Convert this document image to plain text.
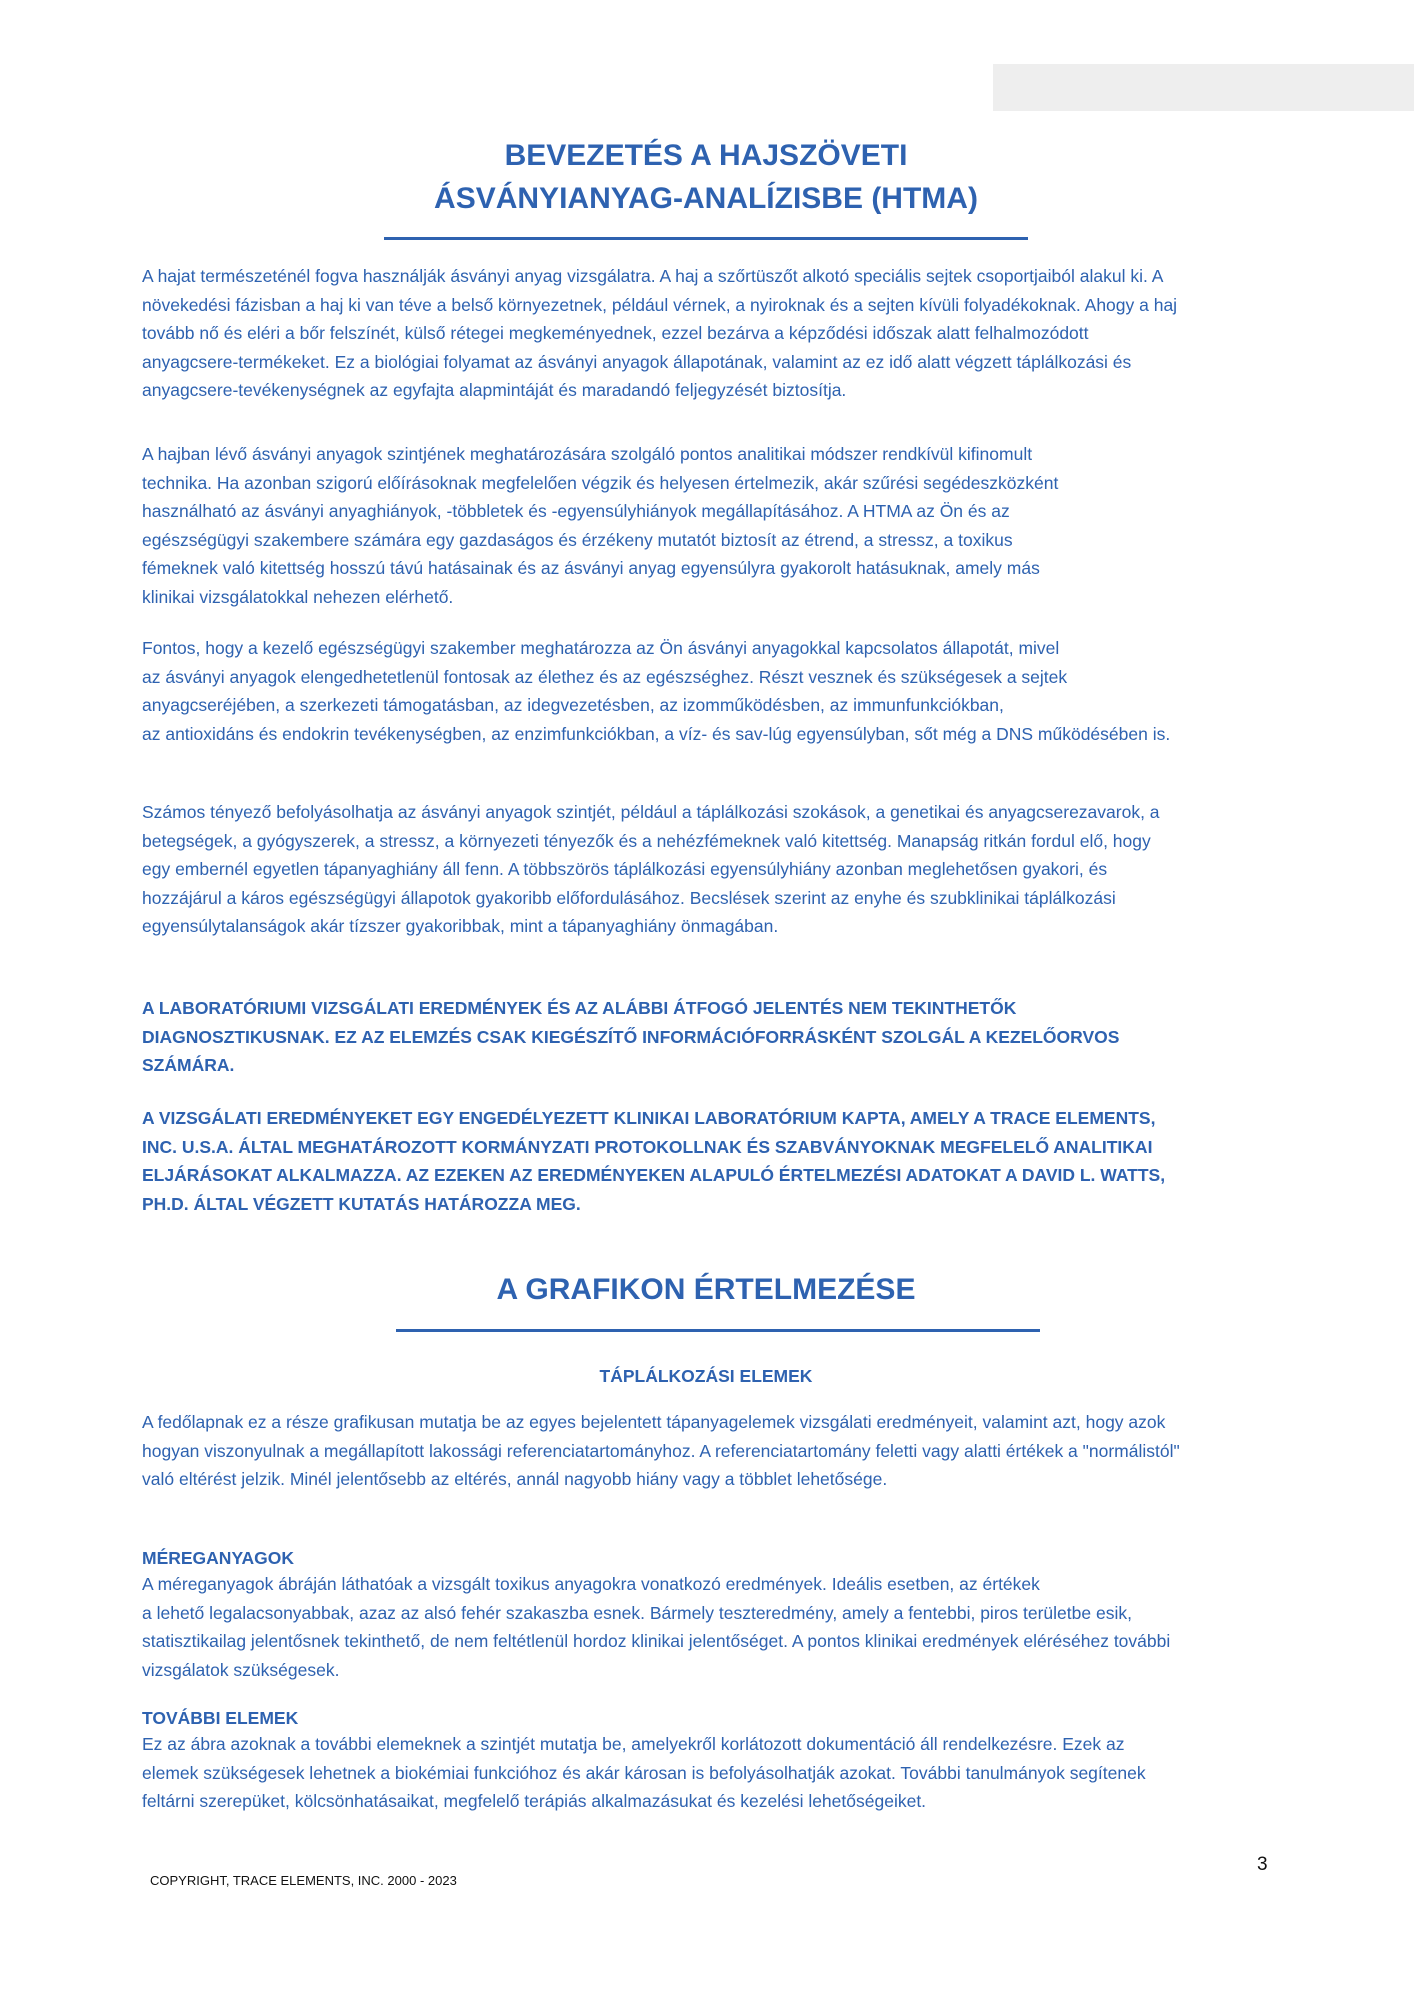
BEVEZETÉS A HAJSZÖVETI
ÁSVÁNYIANYAG-ANALÍZISBE (HTMA)
A hajat természeténél fogva használják ásványi anyag vizsgálatra. A haj a szőrtüszőt alkotó speciális sejtek csoportjaiból alakul ki. A
növekedési fázisban a haj ki van téve a belső környezetnek, például vérnek, a nyiroknak és a sejten kívüli folyadékoknak. Ahogy a haj
tovább nő és eléri a bőr felszínét, külső rétegei megkeményednek, ezzel bezárva a képződési időszak alatt felhalmozódott
anyagcsere-termékeket. Ez a biológiai folyamat az ásványi anyagok állapotának, valamint az ez idő alatt végzett táplálkozási és
anyagcsere-tevékenységnek az egyfajta alapmintáját és maradandó feljegyzését biztosítja.
A hajban lévő ásványi anyagok szintjének meghatározására szolgáló pontos analitikai módszer rendkívül kifinomult
technika. Ha azonban szigorú előírásoknak megfelelően végzik és helyesen értelmezik, akár szűrési segédeszközként
használható az ásványi anyaghiányok, -többletek és -egyensúlyhiányok megállapításához. A HTMA az Ön és az
egészségügyi szakembere számára egy gazdaságos és érzékeny mutatót biztosít az étrend, a stressz, a toxikus
fémeknek való kitettség hosszú távú hatásainak és az ásványi anyag egyensúlyra gyakorolt hatásuknak, amely más
klinikai vizsgálatokkal nehezen elérhető.
Fontos, hogy a kezelő egészségügyi szakember meghatározza az Ön ásványi anyagokkal kapcsolatos állapotát, mivel
az ásványi anyagok elengedhetetlenül fontosak az élethez és az egészséghez. Részt vesznek és szükségesek a sejtek
anyagcseréjében, a szerkezeti támogatásban, az idegvezetésben, az izomműködésben, az immunfunkciókban,
az antioxidáns és endokrin tevékenységben, az enzimfunkciókban, a víz- és sav-lúg egyensúlyban, sőt még a DNS működésében is.
Számos tényező befolyásolhatja az ásványi anyagok szintjét, például a táplálkozási szokások, a genetikai és anyagcserezavarok, a
betegségek, a gyógyszerek, a stressz, a környezeti tényezők és a nehézfémeknek való kitettség. Manapság ritkán fordul elő, hogy
egy embernél egyetlen tápanyaghiány áll fenn. A többszörös táplálkozási egyensúlyhiány azonban meglehetősen gyakori, és
hozzájárul a káros egészségügyi állapotok gyakoribb előfordulásához. Becslések szerint az enyhe és szubklinikai táplálkozási
egyensúlytalanságok akár tízszer gyakoribbak, mint a tápanyaghiány önmagában.
A LABORATÓRIUMI VIZSGÁLATI EREDMÉNYEK ÉS AZ ALÁBBI ÁTFOGÓ JELENTÉS NEM TEKINTHETŐK
DIAGNOSZTIKUSNAK. EZ AZ ELEMZÉS CSAK KIEGÉSZÍTŐ INFORMÁCIÓFORRÁSKÉNT SZOLGÁL A KEZELŐORVOS
SZÁMÁRA.
A VIZSGÁLATI EREDMÉNYEKET EGY ENGEDÉLYEZETT KLINIKAI LABORATÓRIUM KAPTA, AMELY A TRACE ELEMENTS,
INC. U.S.A. ÁLTAL MEGHATÁROZOTT KORMÁNYZATI PROTOKOLLNAK ÉS SZABVÁNYOKNAK MEGFELELŐ ANALITIKAI
ELJÁRÁSOKAT ALKALMAZZA. AZ EZEKEN AZ EREDMÉNYEKEN ALAPULÓ ÉRTELMEZÉSI ADATOKAT A DAVID L. WATTS,
PH.D. ÁLTAL VÉGZETT KUTATÁS HATÁROZZA MEG.
A GRAFIKON ÉRTELMEZÉSE
TÁPLÁLKOZÁSI ELEMEK
A fedőlapnak ez a része grafikusan mutatja be az egyes bejelentett tápanyagelemek vizsgálati eredményeit, valamint azt, hogy azok
hogyan viszonyulnak a megállapított lakossági referenciatartományhoz. A referenciatartomány feletti vagy alatti értékek a "normálistól"
való eltérést jelzik. Minél jelentősebb az eltérés, annál nagyobb hiány vagy a többlet lehetősége.
MÉREGANYAGOK
A méreganyagok ábráján láthatóak a vizsgált toxikus anyagokra vonatkozó eredmények. Ideális esetben, az értékek
a lehető legalacsonyabbak, azaz az alsó fehér szakaszba esnek. Bármely teszteredmény, amely a fentebbi, piros területbe esik,
statisztikailag jelentősnek tekinthető, de nem feltétlenül hordoz klinikai jelentőséget. A pontos klinikai eredmények eléréséhez további
vizsgálatok szükségesek.
TOVÁBBI ELEMEK
Ez az ábra azoknak a további elemeknek a szintjét mutatja be, amelyekről korlátozott dokumentáció áll rendelkezésre. Ezek az
elemek szükségesek lehetnek a biokémiai funkcióhoz és akár károsan is befolyásolhatják azokat. További tanulmányok segítenek
feltárni szerepüket, kölcsönhatásaikat, megfelelő terápiás alkalmazásukat és kezelési lehetőségeiket.
3
COPYRIGHT, TRACE ELEMENTS, INC. 2000 - 2023
